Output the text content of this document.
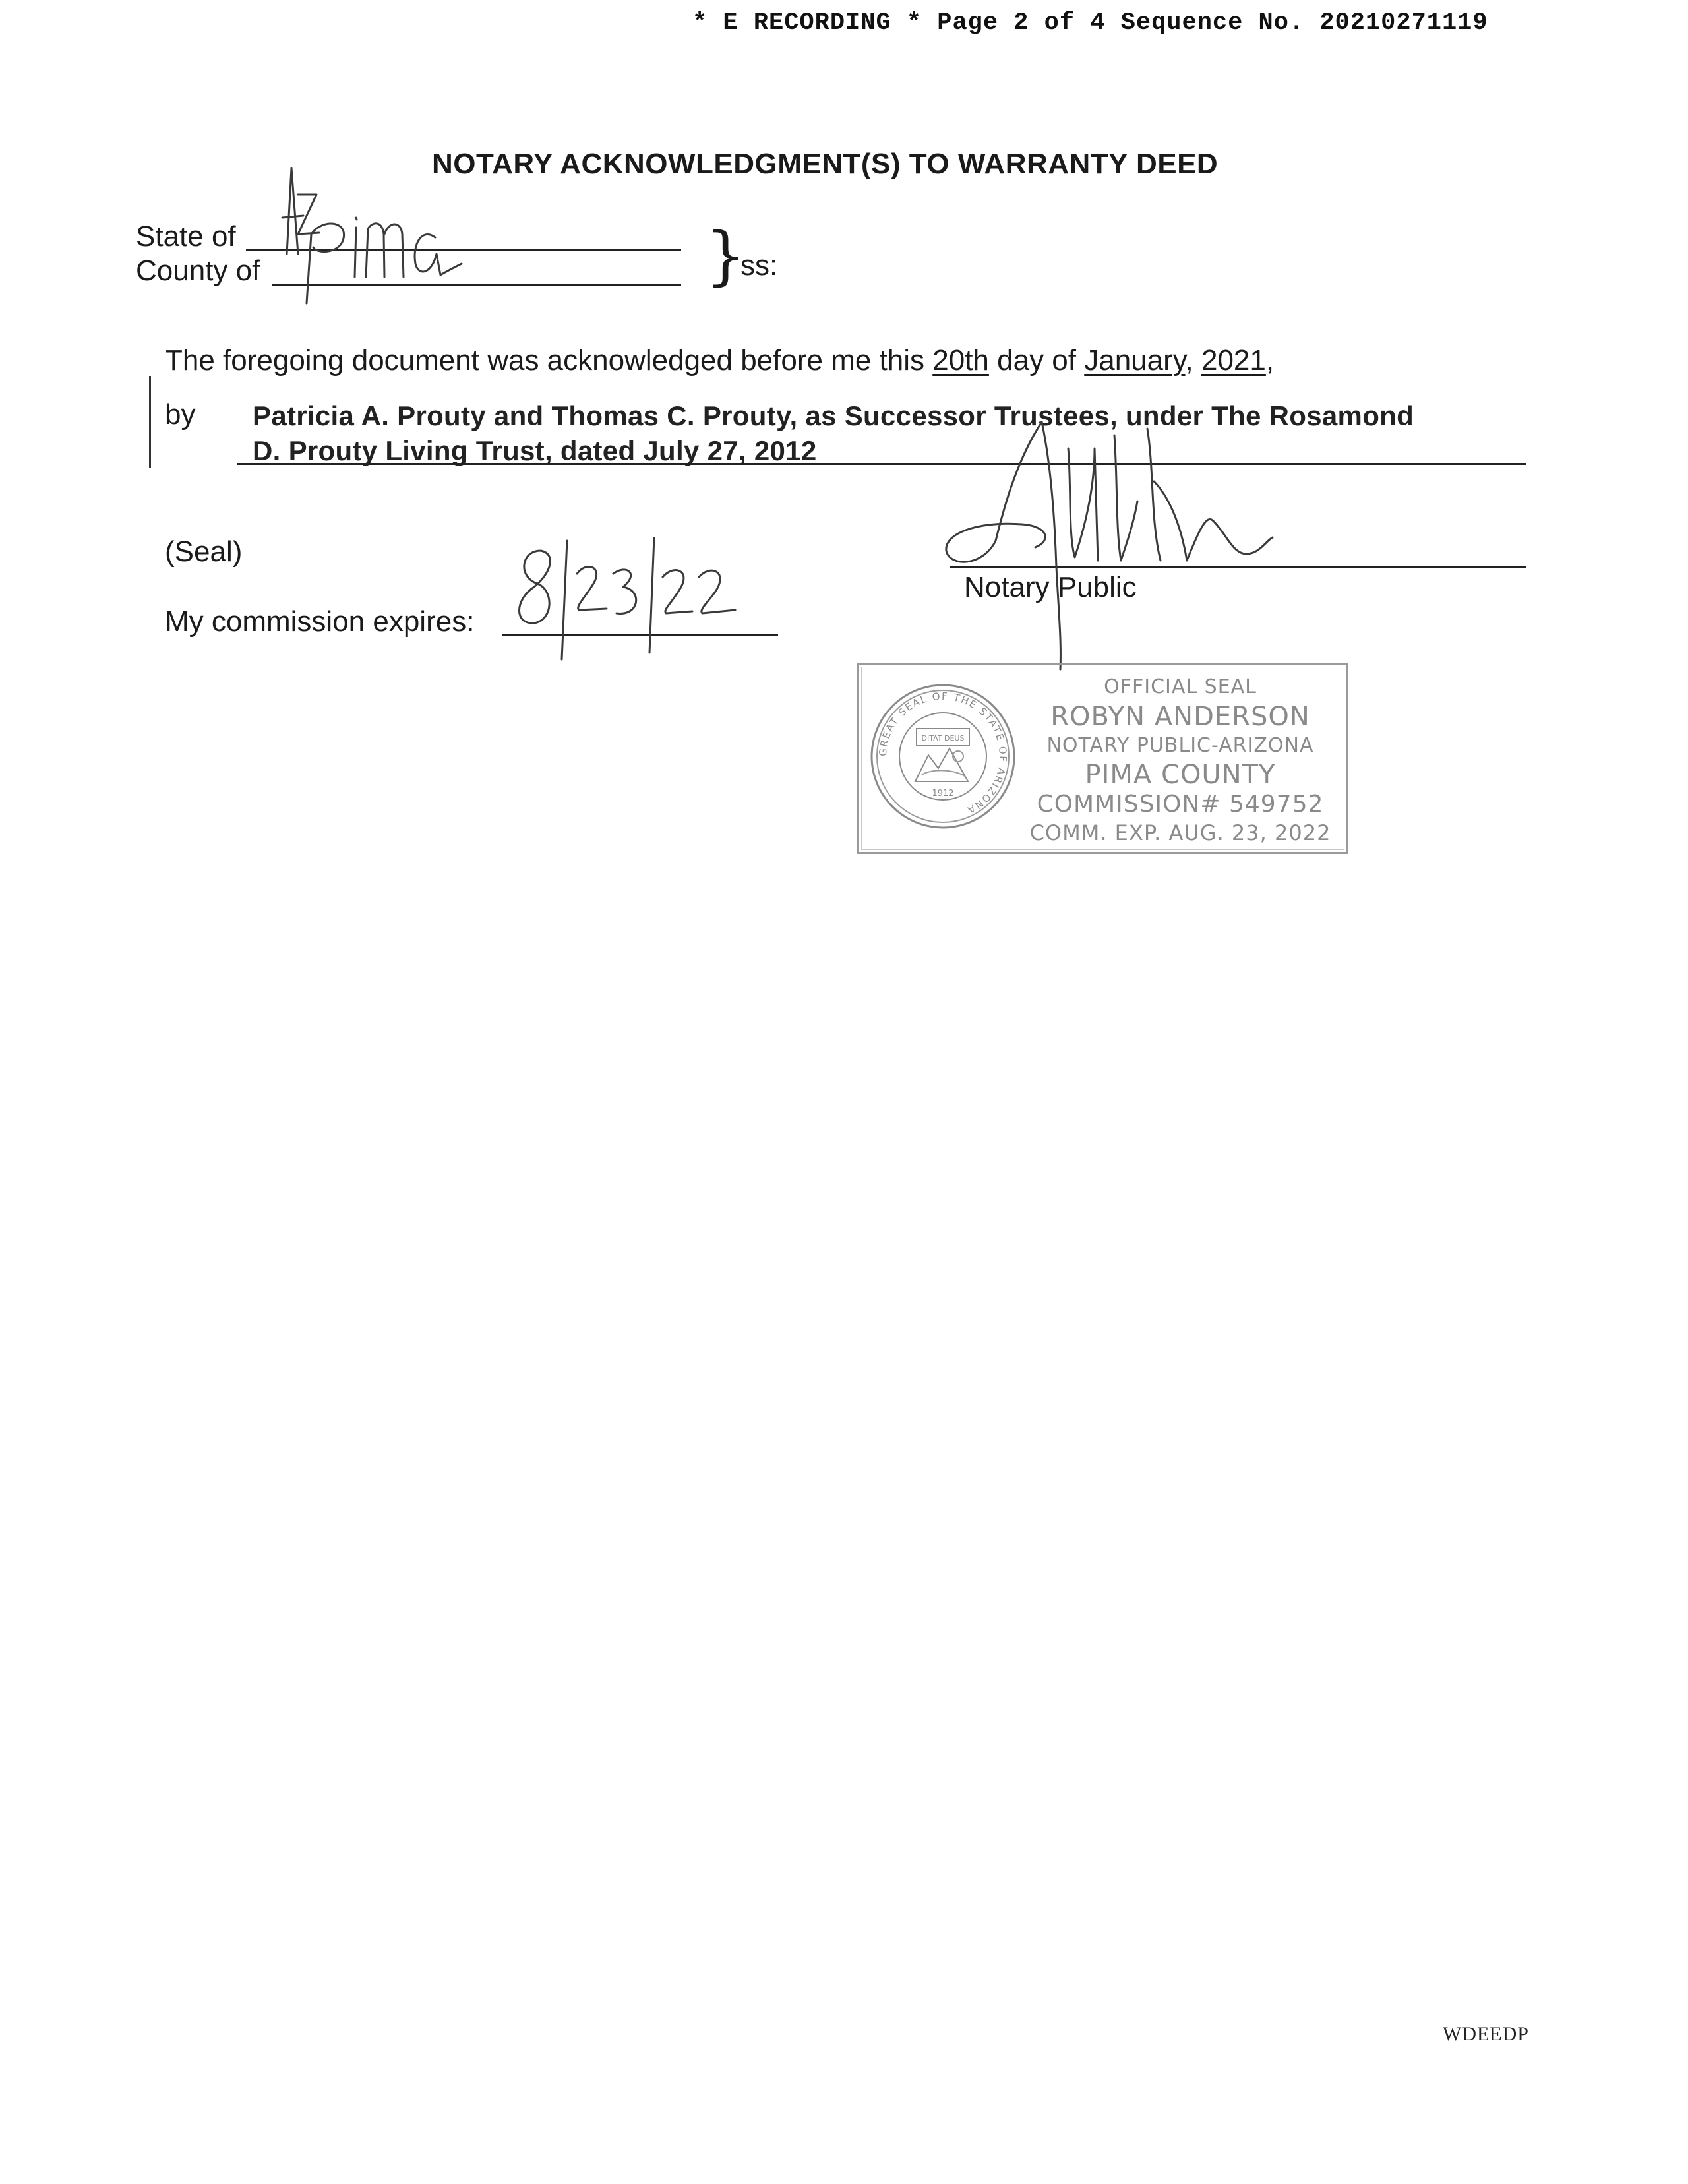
* E RECORDING * Page 2 of 4 Sequence No. 20210271119
NOTARY ACKNOWLEDGMENT(S) TO WARRANTY DEED
State of
County of	}
ss:
The foregoing document was acknowledged before me this 20th day of January, 2021,
by Patricia A. Prouty and Thomas C. Prouty, as Successor Trustees, under The Rosamond
D. Prouty Living Trust, dated July 27, 2012
(Seal)
My commission expires:
Notary Public
GREAT SEAL OF THE STATE OF ARIZONA
DITAT DEUS
1912
OFFICIAL SEAL
ROBYN ANDERSON
NOTARY PUBLIC-ARIZONA
PIMA COUNTY
COMMISSION# 549752
COMM. EXP. AUG. 23, 2022
WDEEDP
